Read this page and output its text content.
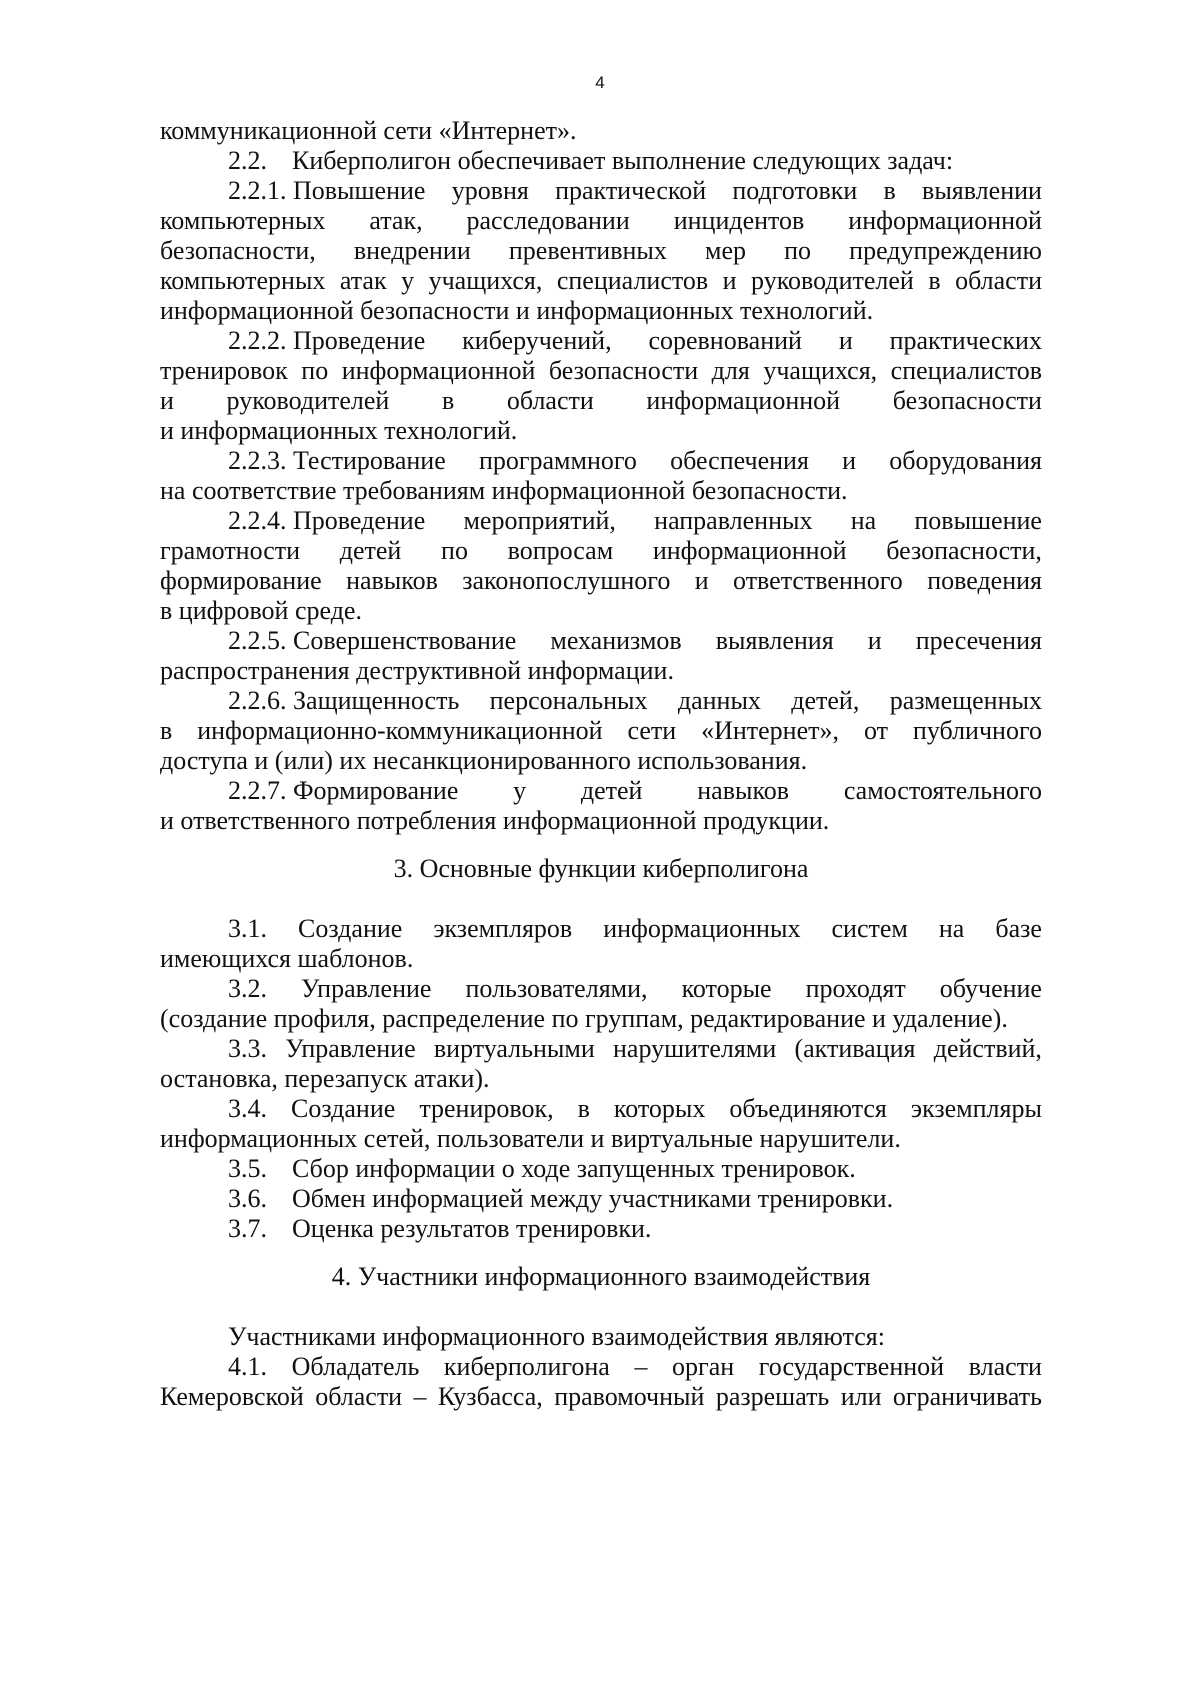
4

коммуникационной сети «Интернет».

2.2. Киберполигон обеспечивает выполнение следующих задач:
2.2.1. Повышение уровня практической подготовки в выявлении
компьютерных атак, расследовании инцидентов информационной
безопасности, внедрении превентивных мер по предупреждению

компьютерных атак у учащихся, специалистов и руководителей в области

информационной безопасности и информационных технологий.

2.2.2. Проведение киберучений, соревнований и практических

тренировок по информационной безопасности для учащихся, специалистов

и руководителей в области информационной безопасности

и информационных технологий.

2.2.3. Тестирование программного обеспечения и оборудования

на соответствие требованиям информационной безопасности.

2.2.4. Проведение мероприятий, направленных на повышение
грамотности детей по вопросам информационной безопасности,
формирование навыков законопослушного и ответственного поведения

в цифровой среде.

2.2.5. Совершенствование механизмов выявления и пресечения

распространения деструктивной информации.

2.2.6. Защищенность персональных данных детей, размещенных
в информационно-коммуникационной сети «Интернет», от публичного

доступа и (или) их несанкционированного использования.

2.2.7. Формирование у детей навыков самостоятельного

и ответственного потребления информационной продукции.

3. Основные функции киберполигона

3.1. Создание экземпляров информационных систем на базе

имеющихся шаблонов.

3.2. Управление пользователями, которые проходят обучение

(создание профиля, распределение по группам, редактирование и удаление).

3.3. Управление виртуальными нарушителями (активация действий,

остановка, перезапуск атаки).

3.4. Создание тренировок, в которых объединяются экземпляры

информационных сетей, пользователи и виртуальные нарушители.

3.5. Сбор информации о ходе запущенных тренировок.
3.6. Обмен информацией между участниками тренировки.
3.7. Оценка результатов тренировки.

4. Участники информационного взаимодействия

Участниками информационного взаимодействия являются:

4.1. Обладатель киберполигона – орган государственной власти
Кемеровской области – Кузбасса, правомочный разрешать или ограничивать
